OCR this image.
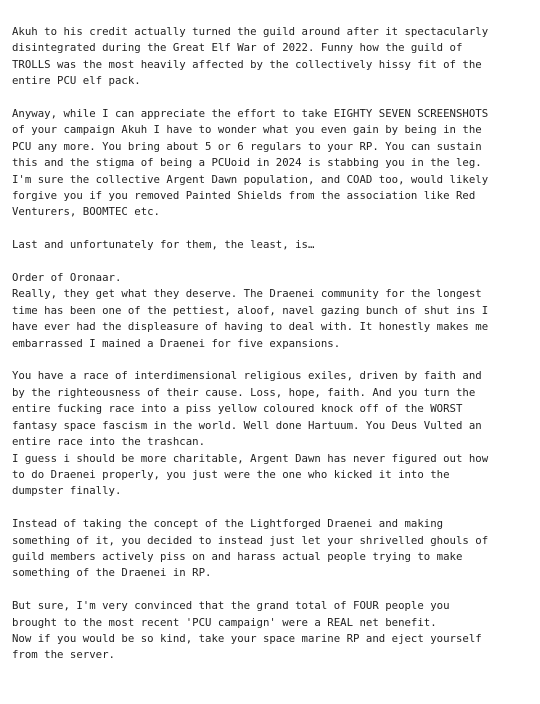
Akuh to his credit actually turned the guild around after it spectacularly
disintegrated during the Great Elf War of 2022. Funny how the guild of
TROLLS was the most heavily affected by the collectively hissy fit of the
entire PCU elf pack.
Anyway, while I can appreciate the effort to take EIGHTY SEVEN SCREENSHOTS
of your campaign Akuh I have to wonder what you even gain by being in the
PCU any more. You bring about 5 or 6 regulars to your RP. You can sustain
this and the stigma of being a PCUoid in 2024 is stabbing you in the leg.
I'm sure the collective Argent Dawn population, and COAD too, would likely
forgive you if you removed Painted Shields from the association like Red
Venturers, BOOMTEC etc.
Last and unfortunately for them, the least, is…
Order of Oronaar.
Really, they get what they deserve. The Draenei community for the longest
time has been one of the pettiest, aloof, navel gazing bunch of shut ins I
have ever had the displeasure of having to deal with. It honestly makes me
embarrassed I mained a Draenei for five expansions.
You have a race of interdimensional religious exiles, driven by faith and
by the righteousness of their cause. Loss, hope, faith. And you turn the
entire fucking race into a piss yellow coloured knock off of the WORST
fantasy space fascism in the world. Well done Hartuum. You Deus Vulted an
entire race into the trashcan.
I guess i should be more charitable, Argent Dawn has never figured out how
to do Draenei properly, you just were the one who kicked it into the
dumpster finally.
Instead of taking the concept of the Lightforged Draenei and making
something of it, you decided to instead just let your shrivelled ghouls of
guild members actively piss on and harass actual people trying to make
something of the Draenei in RP.
But sure, I'm very convinced that the grand total of FOUR people you
brought to the most recent 'PCU campaign' were a REAL net benefit.
Now if you would be so kind, take your space marine RP and eject yourself
from the server.
